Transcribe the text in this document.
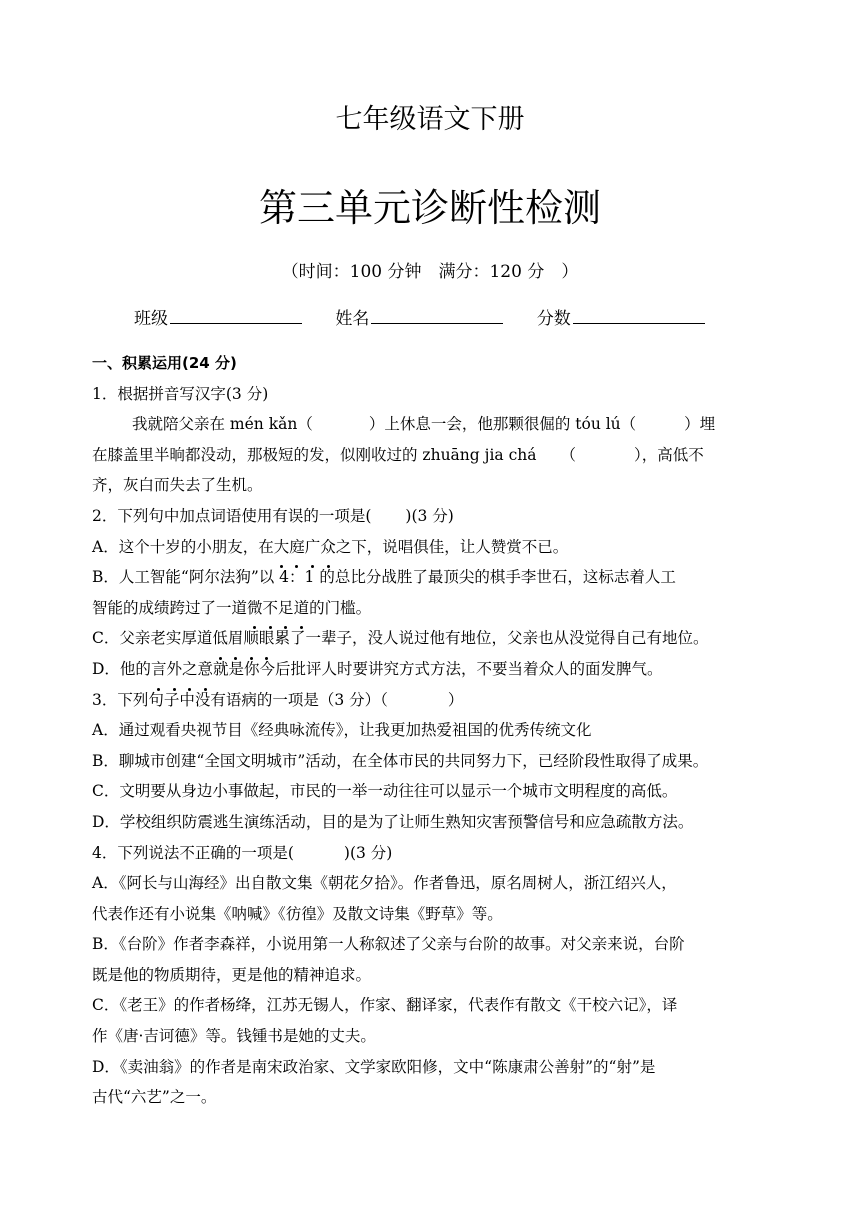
七年级语文下册
第三单元诊断性检测
（时间：100 分钟　满分：120 分　）
班级	姓名	分数
一、积累运用(24 分)
1．根据拼音写汉字(3 分)
我就陪父亲在 mén kǎn（	）上休息一会，他那颗很倔的 tóu lú（	）埋
在膝盖里半晌都没动，那极短的发，似刚收过的 zhuāng jia chá （	），高低不
齐，灰白而失去了生机。
2．下列句中加点词语使用有误的一项是( )(3 分)
A．这个十岁的小朋友，在大庭广众之下，说唱俱佳，让人赞赏不已。
B．人工智能“阿尔法狗”以 4：1 的总比分战胜了最顶尖的棋手李世石，这标志着人工
智能的成绩跨过了一道微不足道的门槛。
C．父亲老实厚道低眉顺眼累了一辈子，没人说过他有地位，父亲也从没觉得自己有地位。
D．他的言外之意就是你今后批评人时要讲究方式方法，不要当着众人的面发脾气。
3．下列句子中没有语病的一项是（3 分）（	）
A．通过观看央视节目《经典咏流传》，让我更加热爱祖国的优秀传统文化
B．聊城市创建“全国文明城市”活动，在全体市民的共同努力下，已经阶段性取得了成果。
C．文明要从身边小事做起，市民的一举一动往往可以显示一个城市文明程度的高低。
D．学校组织防震逃生演练活动，目的是为了让师生熟知灾害预警信号和应急疏散方法。
4．下列说法不正确的一项是(	)(3 分)
A．《阿长与山海经》出自散文集《朝花夕拾》。作者鲁迅，原名周树人，浙江绍兴人，
代表作还有小说集《呐喊》《彷徨》及散文诗集《野草》等。
B．《台阶》作者李森祥，小说用第一人称叙述了父亲与台阶的故事。对父亲来说，台阶
既是他的物质期待，更是他的精神追求。
C．《老王》的作者杨绛，江苏无锡人，作家、翻译家，代表作有散文《干校六记》，译
作《唐·吉诃德》等。钱锺书是她的丈夫。
D．《卖油翁》的作者是南宋政治家、文学家欧阳修，文中“陈康肃公善射”的“射”是
古代“六艺”之一。
